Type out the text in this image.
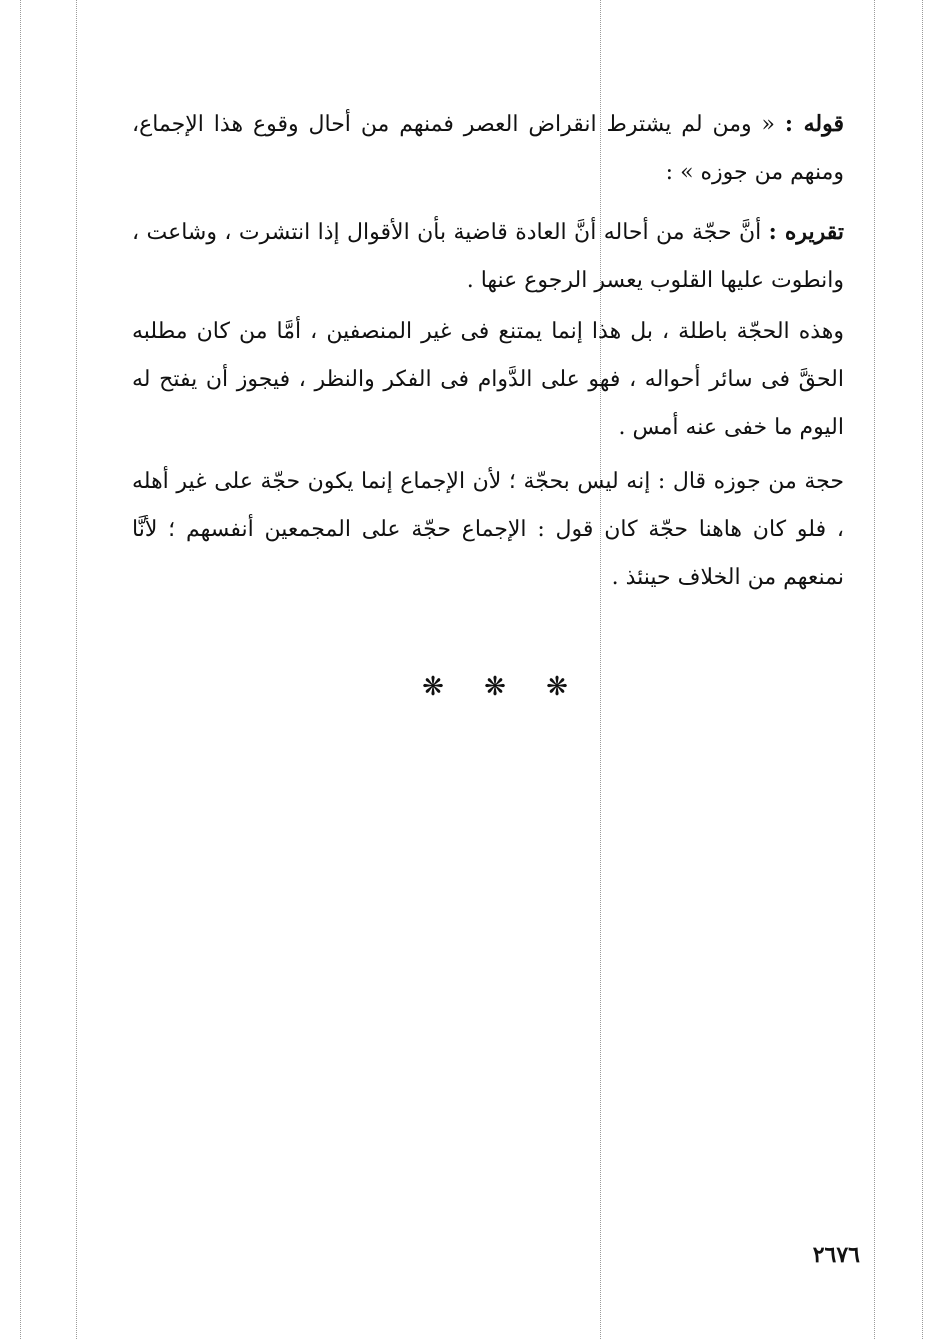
قوله : « ومن لم يشترط انقراض العصر فمنهم من أحال وقوع هذا الإجماع، ومنهم من جوزه » :
تقريره : أنَّ حجّة من أحاله أنَّ العادة قاضية بأن الأقوال إذا انتشرت ، وشاعت ، وانطوت عليها القلوب يعسر الرجوع عنها .
وهذه الحجّة باطلة ، بل هذا إنما يمتنع فى غير المنصفين ، أمَّا من كان مطلبه الحقَّ فى سائر أحواله ، فهو على الدَّوام فى الفكر والنظر ، فيجوز أن يفتح له اليوم ما خفى عنه أمس .
حجة من جوزه قال : إنه ليس بحجّة ؛ لأن الإجماع إنما يكون حجّة على غير أهله ، فلو كان هاهنا حجّة كان قول : الإجماع حجّة على المجمعين أنفسهم ؛ لأنَّا نمنعهم من الخلاف حينئذ .
❋ ❋ ❋
٢٦٧٦
